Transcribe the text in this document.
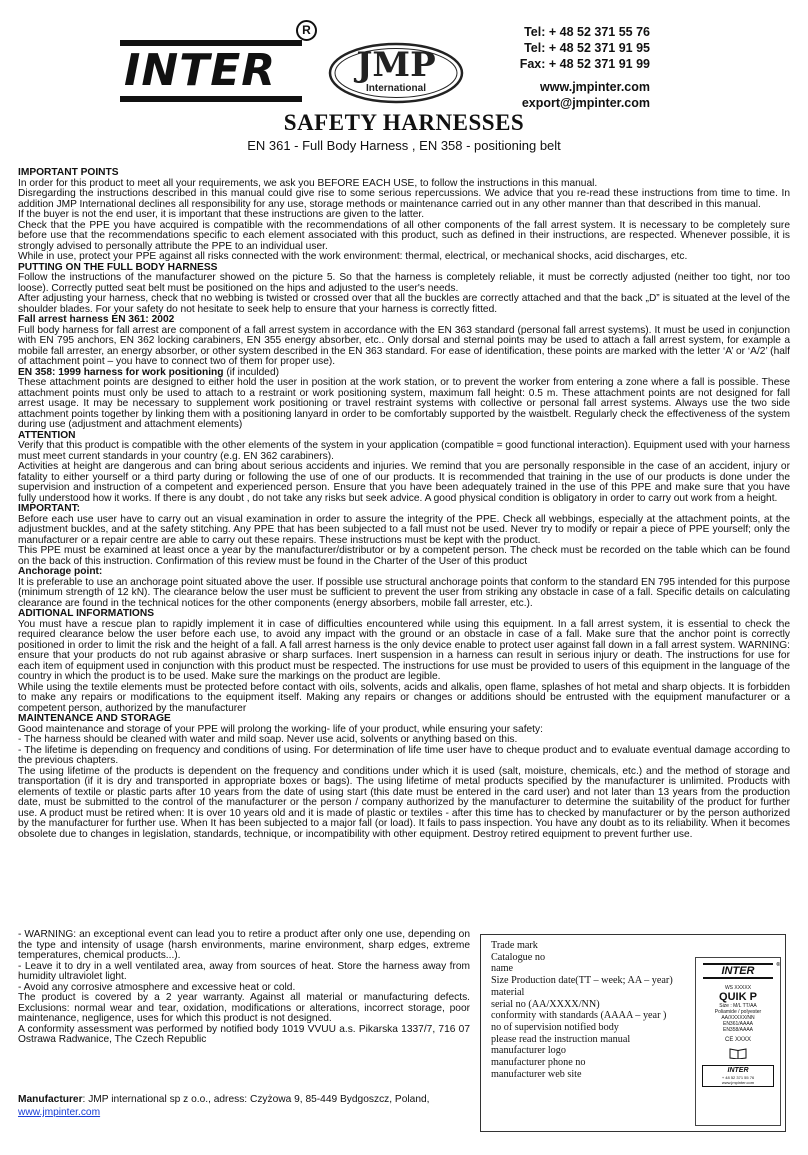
INTER
R
JMP
International
Tel: + 48 52 371 55 76
Tel: + 48 52 371 91 95
Fax: + 48 52 371 91 99
www.jmpinter.com
export@jmpinter.com
SAFETY HARNESSES
EN 361 - Full Body Harness , EN 358 - positioning belt

IMPORTANT POINTS

In order for this product to meet all your requirements, we ask you BEFORE EACH USE, to follow the instructions in this manual.

Disregarding the instructions described in this manual could give rise to some serious repercussions. We advice that you re-read these instructions from time to time. In addition JMP International declines all responsibility for any use, storage methods or maintenance carried out in any other manner than that described in this manual.

If the buyer is not the end user, it is important that these instructions are given to the latter.

Check that the PPE you have acquired is compatible with the recommendations of all other components of the fall arrest system. It is necessary to be completely sure before use that the recommendations specific to each element associated with this product, such as defined in their instructions, are respected. Whenever possible, it is strongly advised to personally attribute the PPE to an individual user.

While in use, protect your PPE against all risks connected with the work environment: thermal, electrical, or mechanical shocks, acid discharges, etc.

PUTTING ON THE FULL BODY HARNESS

Follow the instructions of the manufacturer showed on the picture 5. So that the harness is completely reliable, it must be correctly adjusted (neither too tight, nor too loose). Correctly putted seat belt must be positioned on the hips and adjusted to the user's needs.

After adjusting your harness, check that no webbing is twisted or crossed over that all the buckles are correctly attached and that the back „D” is situated at the level of the shoulder blades. For your safety do not hesitate to seek help to ensure that your harness is correctly fitted.

Fall arrest harness EN 361: 2002

Full body harness for fall arrest are component of a fall arrest system in accordance with the EN 363 standard (personal fall arrest systems). It must be used in conjunction with EN 795 anchors, EN 362 locking carabiners, EN 355 energy absorber, etc.. Only dorsal and sternal points may be used to attach a fall arrest system, for example a mobile fall arrester, an energy absorber, or other system described in the EN 363 standard. For ease of identification, these points are marked with the letter ‘A’ or ‘A/2’ (half of attachment point – you have to connect two of them for proper use).

EN 358: 1999 harness for work positioning (if inculded)

These attachment points are designed to either hold the user in position at the work station, or to prevent the worker from entering a zone where a fall is possible. These attachment points must only be used to attach to a restraint or work positioning system, maximum fall height: 0.5 m. These attachment points are not designed for fall arrest usage. It may be necessary to supplement work positioning or travel restraint systems with collective or personal fall arrest systems. Always use the two side attachment points together by linking them with a positioning lanyard in order to be comfortably supported by the waistbelt. Regularly check the effectiveness of the system during use (adjustment and attachment elements)

ATTENTION

Verify that this product is compatible with the other elements of the system in your application (compatible = good functional interaction). Equipment used with your harness must meet current standards in your country (e.g. EN 362 carabiners).

Activities at height are dangerous and can bring about serious accidents and injuries. We remind that you are personally responsible in the case of an accident, injury or fatality to either yourself or a third party during or following the use of one of our products. It is recommended that training in the use of our products is done under the supervision and instruction of a competent and experienced person. Ensure that you have been adequately trained in the use of this PPE and make sure that you have fully understood how it works. If there is any doubt , do not take any risks but seek advice. A good physical condition is obligatory in order to carry out work from a height.

IMPORTANT:

Before each use user have to carry out an visual examination in order to assure the integrity of the PPE. Check all webbings, especially at the attachment points, at the adjustment buckles, and at the safety stitching. Any PPE that has been subjected to a fall must not be used. Never try to modify or repair a piece of PPE yourself; only the manufacturer or a repair centre are able to carry out these repairs. These instructions must be kept with the product.

This PPE must be examined at least once a year by the manufacturer/distributor or by a competent person. The check must be recorded on the table which can be found on the back of this instruction. Confirmation of this review must be found in the Charter of the User of this product

Anchorage point:

It is preferable to use an anchorage point situated above the user. If possible use structural anchorage points that conform to the standard EN 795 intended for this purpose (minimum strength of 12 kN). The clearance below the user must be sufficient to prevent the user from striking any obstacle in case of a fall. Specific details on calculating clearance are found in the technical notices for the other components (energy absorbers, mobile fall arrester, etc.).

ADITIONAL INFORMATIONS

You must have a rescue plan to rapidly implement it in case of difficulties encountered while using this equipment. In a fall arrest system, it is essential to check the required clearance below the user before each use, to avoid any impact with the ground or an obstacle in case of a fall. Make sure that the anchor point is correctly positioned in order to limit the risk and the height of a fall. A fall arrest harness is the only device enable to protect user against fall down in a fall arrest system. WARNING: ensure that your products do not rub against abrasive or sharp surfaces. Inert suspension in a harness can result in serious injury or death. The instructions for use for each item of equipment used in conjunction with this product must be respected. The instructions for use must be provided to users of this equipment in the language of the country in which the product is to be used. Make sure the markings on the product are legible.

While using the textile elements must be protected before contact with oils, solvents, acids and alkalis, open flame, splashes of hot metal and sharp objects. It is forbidden to make any repairs or modifications to the equipment itself. Making any repairs or changes or additions should be entrusted with the equipment manufacturer or a competent person, authorized by the manufacturer

MAINTENANCE AND STORAGE

Good maintenance and storage of your PPE will prolong the working- life of your product, while ensuring your safety:

- The harness should be cleaned with water and mild soap. Never use acid, solvents or anything based on this.

- The lifetime is depending on frequency and conditions of using. For determination of life time user have to cheque product and to evaluate eventual damage according to the previous chapters.

The using lifetime of the products is dependent on the frequency and conditions under which it is used (salt, moisture, chemicals, etc.) and the method of storage and transportation (if it is dry and transported in appropriate boxes or bags). The using lifetime of metal products specified by the manufacturer is unlimited. Products with elements of textile or plastic parts after 10 years from the date of using start (this date must be entered in the card user) and not later than 13 years from the production date, must be submitted to the control of the manufacturer or the person / company authorized by the manufacturer to determine the suitability of the product for further use. A product must be retired when: It is over 10 years old and it is made of plastic or textiles - after this time has to checked by manufacturer or by the person authorized by the manufacturer for further use. When It has been subjected to a major fall (or load). It fails to pass inspection. You have any doubt as to its reliability. When it becomes obsolete due to changes in legislation, standards, technique, or incompatibility with other equipment. Destroy retired equipment to prevent further use.

- WARNING: an exceptional event can lead you to retire a product after only one use, depending on the type and intensity of usage (harsh environments, marine environment, sharp edges, extreme temperatures, chemical products...).

- Leave it to dry in a well ventilated area, away from sources of heat. Store the harness away from humidity ultraviolet light.

- Avoid any corrosive atmosphere and excessive heat or cold.

The product is covered by a 2 year warranty. Against all material or manufacturing defects. Exclusions: normal wear and tear, oxidation, modifications or alterations, incorrect storage, poor maintenance, negligence, uses for which this product is not designed.

A conformity assessment was performed by notified body 1019 VVUU a.s. Pikarska 1337/7, 716 07 Ostrawa Radwanice, The Czech Republic

Manufacturer: JMP international sp z o.o., adress: Czyżowa 9, 85-449 Bydgoszcz, Poland,
www.jmpinter.com
Trade mark
Catalogue no
name
Size Production date(TT – week; AA – year)
material
serial no (AA/XXXX/NN)
conformity with standards (AAAA – year )
no of supervision notified body
please read the instruction manual
manufacturer logo
manufacturer phone no
manufacturer web site
INTER	®
WS XXXXX
QUIK P
Size : M/L TT/AA
Poliamide / polyester
AA/XXXXX/NN
EN361/AAAA
EN358/AAAA
CE XXXX
INTER
+ 48 52 371 55 76
www.jmpinter.com
